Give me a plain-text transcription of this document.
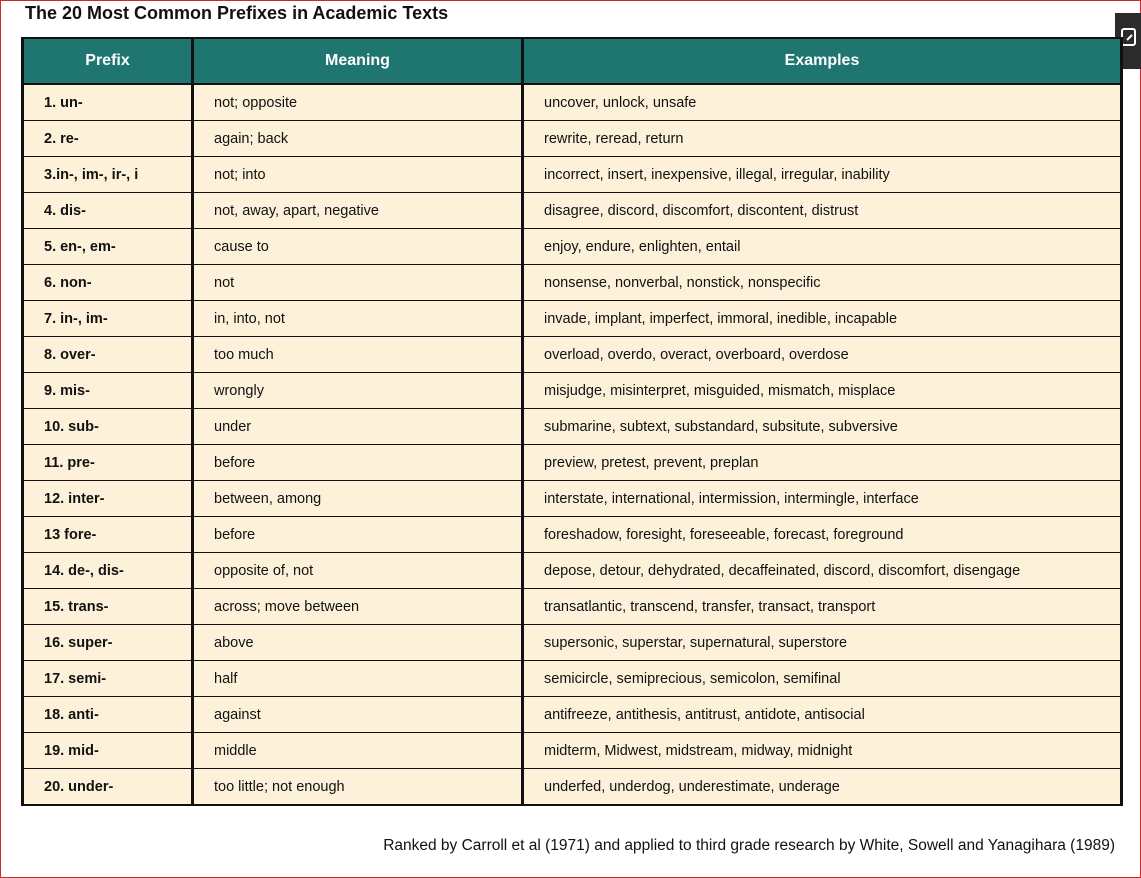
The 20 Most Common Prefixes in Academic Texts
Prefix	Meaning	Examples
1. un-	not; opposite	uncover, unlock, unsafe
2. re-	again; back	rewrite, reread, return
3.in-, im-, ir-, i	not; into	incorrect, insert, inexpensive, illegal, irregular, inability
4. dis-	not, away, apart, negative	disagree, discord, discomfort, discontent, distrust
5. en-, em-	cause to	enjoy, endure, enlighten, entail
6. non-	not	nonsense, nonverbal, nonstick, nonspecific
7. in-, im-	in, into, not	invade, implant, imperfect, immoral, inedible, incapable
8. over-	too much	overload, overdo, overact, overboard, overdose
9. mis-	wrongly	misjudge, misinterpret, misguided, mismatch, misplace
10. sub-	under	submarine, subtext, substandard, subsitute, subversive
11. pre-	before	preview, pretest, prevent, preplan
12. inter-	between, among	interstate, international, intermission, intermingle, interface
13 fore-	before	foreshadow, foresight, foreseeable, forecast, foreground
14. de-, dis-	opposite of, not	depose, detour, dehydrated, decaffeinated, discord, discomfort, disengage
15. trans-	across; move between	transatlantic, transcend, transfer, transact, transport
16. super-	above	supersonic, superstar, supernatural, superstore
17. semi-	half	semicircle, semiprecious, semicolon, semifinal
18. anti-	against	antifreeze, antithesis, antitrust, antidote, antisocial
19. mid-	middle	midterm, Midwest, midstream, midway, midnight
20. under-	too little; not enough	underfed, underdog, underestimate, underage
Ranked by Carroll et al (1971) and applied to third grade research by White, Sowell and Yanagihara (1989)
